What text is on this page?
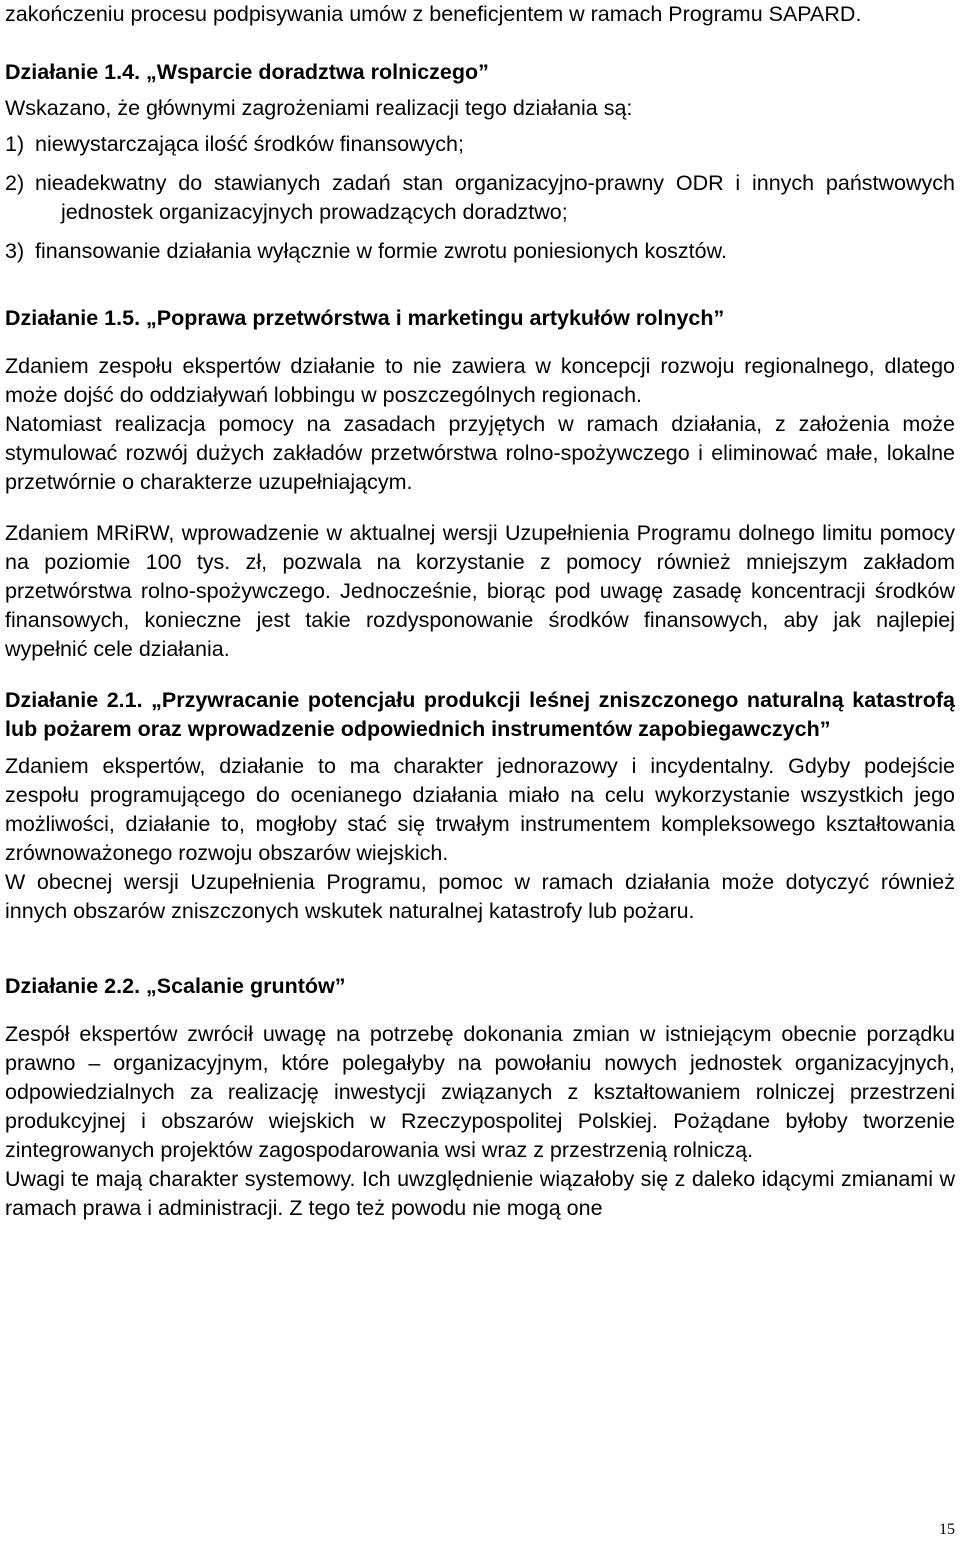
zakończeniu procesu podpisywania umów z beneficjentem w ramach Programu SAPARD.

Działanie 1.4. „Wsparcie doradztwa rolniczego”

Wskazano, że głównymi zagrożeniami realizacji tego działania są:

1) niewystarczająca ilość środków finansowych;
2) nieadekwatny do stawianych zadań stan organizacyjno-prawny ODR i innych państwowych jednostek organizacyjnych prowadzących doradztwo;
3) finansowanie działania wyłącznie w formie zwrotu poniesionych kosztów.

Działanie 1.5. „Poprawa przetwórstwa i marketingu artykułów rolnych”

Zdaniem zespołu ekspertów działanie to nie zawiera w koncepcji rozwoju regionalnego, dlatego może dojść do oddziaływań lobbingu w poszczególnych regionach.

Natomiast realizacja pomocy na zasadach przyjętych w ramach działania, z założenia może stymulować rozwój dużych zakładów przetwórstwa rolno-spożywczego i eliminować małe, lokalne przetwórnie o charakterze uzupełniającym.

Zdaniem MRiRW, wprowadzenie w aktualnej wersji Uzupełnienia Programu dolnego limitu pomocy na poziomie 100 tys. zł, pozwala na korzystanie z pomocy również mniejszym zakładom przetwórstwa rolno-spożywczego. Jednocześnie, biorąc pod uwagę zasadę koncentracji środków finansowych, konieczne jest takie rozdysponowanie środków finansowych, aby jak najlepiej wypełnić cele działania.

Działanie 2.1. „Przywracanie potencjału produkcji leśnej zniszczonego naturalną katastrofą lub pożarem oraz wprowadzenie odpowiednich instrumentów zapobiegawczych”

Zdaniem ekspertów, działanie to ma charakter jednorazowy i incydentalny. Gdyby podejście zespołu programującego do ocenianego działania miało na celu wykorzystanie wszystkich jego możliwości, działanie to, mogłoby stać się trwałym instrumentem kompleksowego kształtowania zrównoważonego rozwoju obszarów wiejskich.

W obecnej wersji Uzupełnienia Programu, pomoc w ramach działania może dotyczyć również innych obszarów zniszczonych wskutek naturalnej katastrofy lub pożaru.

Działanie 2.2. „Scalanie gruntów”

Zespół ekspertów zwrócił uwagę na potrzebę dokonania zmian w istniejącym obecnie porządku prawno – organizacyjnym, które polegałyby na powołaniu nowych jednostek organizacyjnych, odpowiedzialnych za realizację inwestycji związanych z kształtowaniem rolniczej przestrzeni produkcyjnej i obszarów wiejskich w Rzeczypospolitej Polskiej. Pożądane byłoby tworzenie zintegrowanych projektów zagospodarowania wsi wraz z przestrzenią rolniczą.

Uwagi te mają charakter systemowy. Ich uwzględnienie wiązałoby się z daleko idącymi zmianami w ramach prawa i administracji. Z tego też powodu nie mogą one

15
